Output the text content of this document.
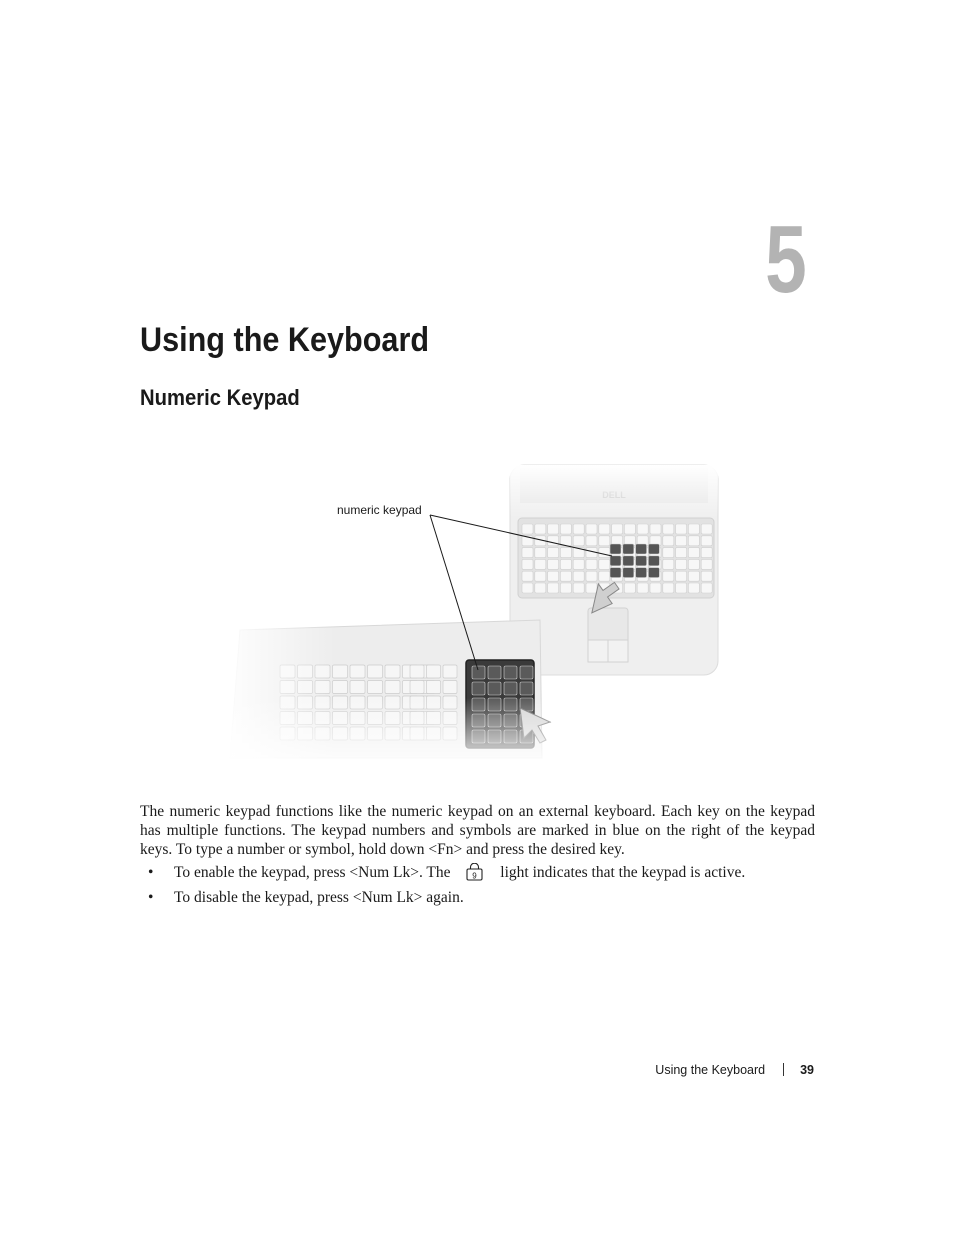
5
Using the Keyboard
Numeric Keypad
numeric keypad

The numeric keypad functions like the numeric keypad on an external keyboard. Each key on the keypad has multiple functions. The keypad numbers and symbols are marked in blue on the right of the keypad keys. To type a number or symbol, hold down <Fn> and press the desired key.

• To enable the keypad, press <Num Lk>. The	9 light indicates that the keypad is active.
• To disable the keypad, press <Num Lk> again.
Using the Keyboard	39
